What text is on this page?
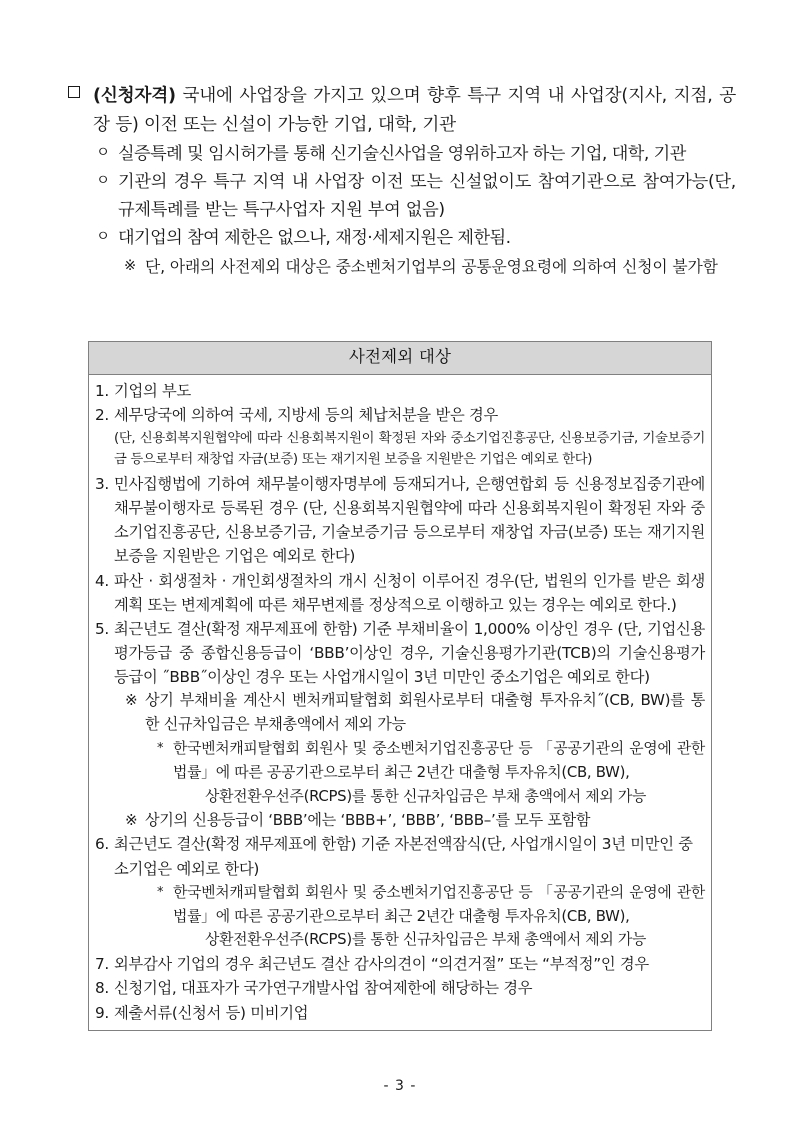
(신청자격) 국내에 사업장을 가지고 있으며 향후 특구 지역 내 사업장(지사, 지점, 공장 등) 이전 또는 신설이 가능한 기업, 대학, 기관
ㅇ 실증특례 및 임시허가를 통해 신기술신사업을 영위하고자 하는 기업, 대학, 기관
ㅇ 기관의 경우 특구 지역 내 사업장 이전 또는 신설없이도 참여기관으로 참여가능(단, 규제특례를 받는 특구사업자 지원 부여 없음)
ㅇ 대기업의 참여 제한은 없으나, 재정·세제지원은 제한됨.
※ 단, 아래의 사전제외 대상은 중소벤처기업부의 공통운영요령에 의하여 신청이 불가함
사전제외 대상
1. 기업의 부도
2. 세무당국에 의하여 국세, 지방세 등의 체납처분을 받은 경우
(단, 신용회복지원협약에 따라 신용회복지원이 확정된 자와 중소기업진흥공단, 신용보증기금, 기술보증기금 등으로부터 재창업 자금(보증) 또는 재기지원 보증을 지원받은 기업은 예외로 한다)
3. 민사집행법에 기하여 채무불이행자명부에 등재되거나, 은행연합회 등 신용정보집중기관에 채무불이행자로 등록된 경우 (단, 신용회복지원협약에 따라 신용회복지원이 확정된 자와 중소기업진흥공단, 신용보증기금, 기술보증기금 등으로부터 재창업 자금(보증) 또는 재기지원 보증을 지원받은 기업은 예외로 한다)
4. 파산 · 회생절차 · 개인회생절차의 개시 신청이 이루어진 경우(단, 법원의 인가를 받은 회생계획 또는 변제계획에 따른 채무변제를 정상적으로 이행하고 있는 경우는 예외로 한다.)
5. 최근년도 결산(확정 재무제표에 한함) 기준 부채비율이 1,000% 이상인 경우 (단, 기업신용평가등급 중 종합신용등급이 ‘BBB’이상인 경우, 기술신용평가기관(TCB)의 기술신용평가 등급이 ˝BBB˝이상인 경우 또는 사업개시일이 3년 미만인 중소기업은 예외로 한다)
※ 상기 부채비율 계산시 벤처캐피탈협회 회원사로부터 대출형 투자유치˝(CB, BW)를 통한 신규차입금은 부채총액에서 제외 가능
* 한국벤처캐피탈협회 회원사 및 중소벤처기업진흥공단 등 「공공기관의 운영에 관한 법률」에 따른 공공기관으로부터 최근 2년간 대출형 투자유치(CB, BW),
상환전환우선주(RCPS)를 통한 신규차입금은 부채 총액에서 제외 가능
※ 상기의 신용등급이 ‘BBB’에는 ‘BBB+’, ‘BBB’, ‘BBB–’를 모두 포함함
6. 최근년도 결산(확정 재무제표에 한함) 기준 자본전액잠식(단, 사업개시일이 3년 미만인 중소기업은 예외로 한다)
* 한국벤처캐피탈협회 회원사 및 중소벤처기업진흥공단 등 「공공기관의 운영에 관한 법률」에 따른 공공기관으로부터 최근 2년간 대출형 투자유치(CB, BW),
상환전환우선주(RCPS)를 통한 신규차입금은 부채 총액에서 제외 가능
7. 외부감사 기업의 경우 최근년도 결산 감사의견이 “의견거절” 또는 “부적정”인 경우
8. 신청기업, 대표자가 국가연구개발사업 참여제한에 해당하는 경우
9. 제출서류(신청서 등) 미비기업
- 3 -
